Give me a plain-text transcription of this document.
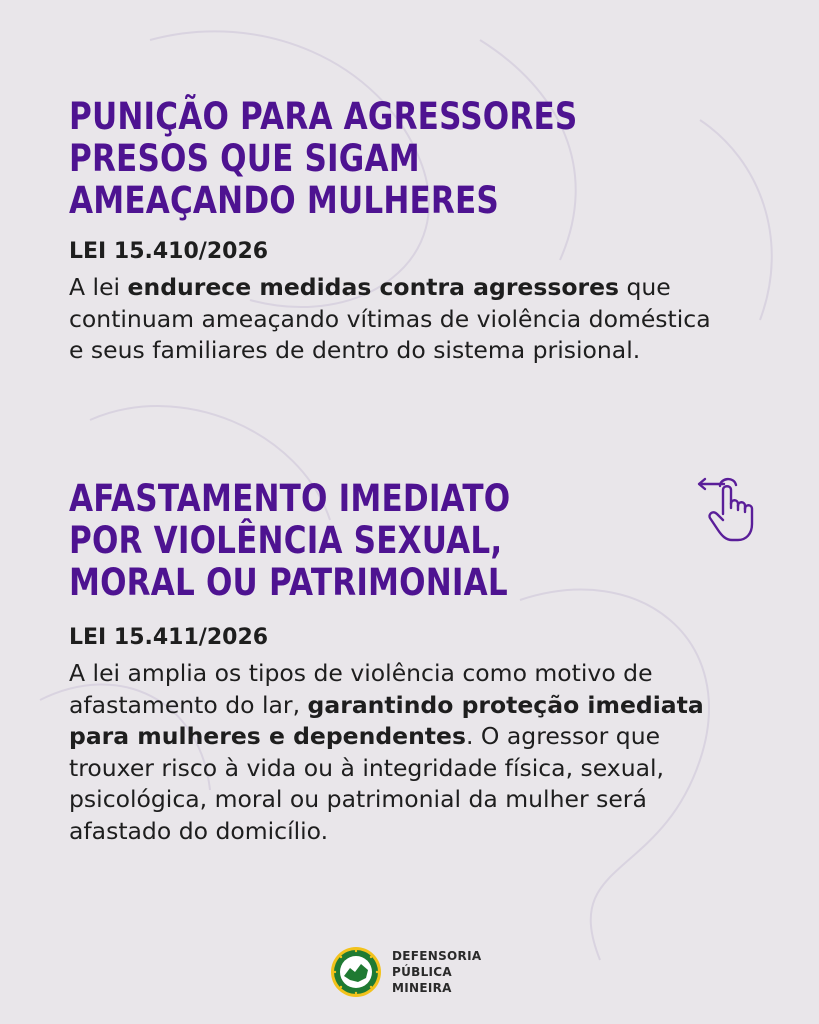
PUNIÇÃO PARA AGRESSORES
PRESOS QUE SIGAM
AMEAÇANDO MULHERES

LEI 15.410/2026

A lei endurece medidas contra agressores que continuam ameaçando vítimas de violência doméstica e seus familiares de dentro do sistema prisional.

AFASTAMENTO IMEDIATO
POR VIOLÊNCIA SEXUAL,
MORAL OU PATRIMONIAL

LEI 15.411/2026

A lei amplia os tipos de violência como motivo de afastamento do lar, garantindo proteção imediata para mulheres e dependentes. O agressor que trouxer risco à vida ou à integridade física, sexual, psicológica, moral ou patrimonial da mulher será afastado do domicílio.

DEFENSORIA
PÚBLICA
MINEIRA
